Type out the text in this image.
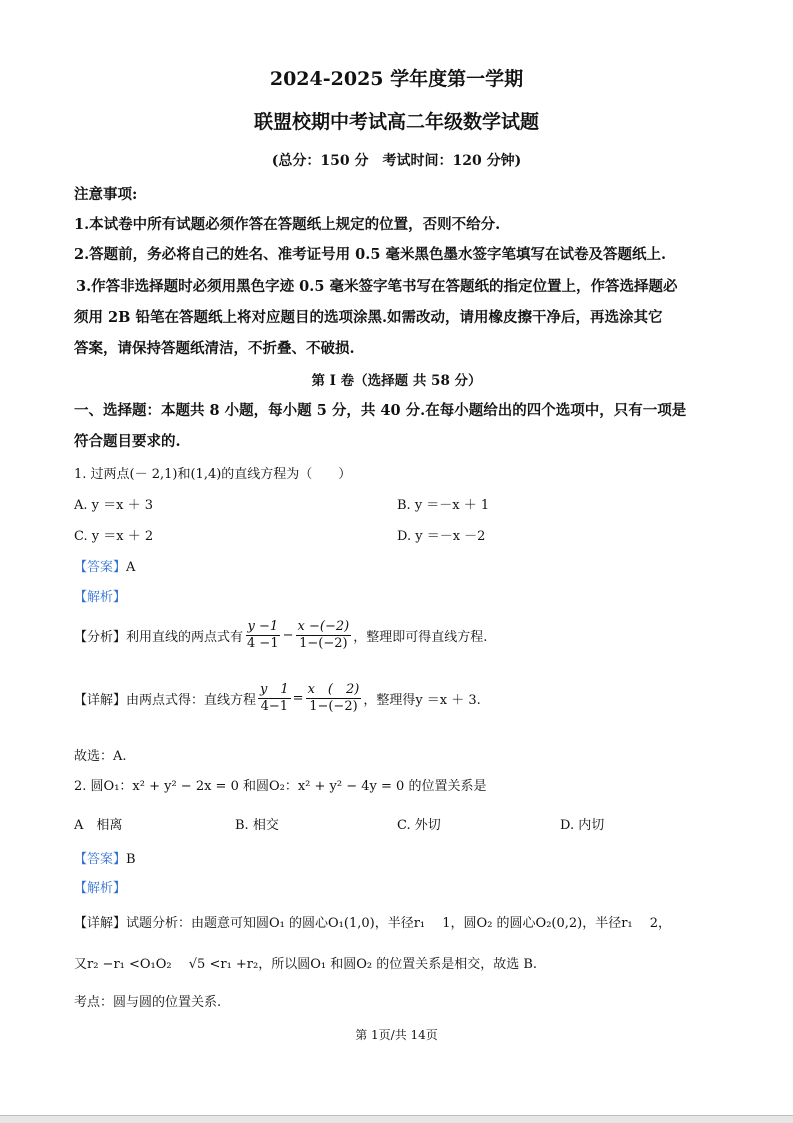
2024-2025 学年度第一学期
联盟校期中考试高二年级数学试题
(总分：150 分　考试时间：120 分钟)
注意事项:
1.本试卷中所有试题必须作答在答题纸上规定的位置，否则不给分.
2.答题前，务必将自己的姓名、准考证号用 0.5 毫米黑色墨水签字笔填写在试卷及答题纸上.
3.作答非选择题时必须用黑色字迹 0.5 毫米签字笔书写在答题纸的指定位置上，作答选择题必
须用 2B 铅笔在答题纸上将对应题目的选项涂黑.如需改动，请用橡皮擦干净后，再选涂其它
答案，请保持答题纸清洁，不折叠、不破损.
第 I 卷（选择题 共 58 分）
一、选择题：本题共 8 小题，每小题 5 分，共 40 分.在每小题给出的四个选项中，只有一项是
符合题目要求的.
1. 过两点(－ 2,1)和(1,4)的直线方程为（　　）
A. y ＝x ＋ 3	B. y ＝－x ＋ 1
C. y ＝x ＋ 2	D. y ＝－x －2
【答案】A
【解析】
【分析】 利用直线的两点式有 $\frac{y -1}{4 -1} - \frac{x -(-2)}{1-(-2)}$ ，整理即可得直线方程.
【详解】 由两点式得：直线方程 $\frac{y 1}{4-1} = \frac{x ( 2)}{1-(-2)}$ ，整理得y ＝x ＋ 3.
故选：A.
2. 圆O₁：x² + y² − 2x = 0 和圆O₂：x² + y² − 4y = 0 的位置关系是
A　相离	B. 相交	C. 外切	D. 内切
【答案】B
【解析】
【详解】试题分析：由题意可知圆O₁ 的圆心O₁(1,0)，半径r₁ 　1，圆O₂ 的圆心O₂(0,2)，半径r₁ 　2，
又r₂ −r₁ <O₁O₂ 　√5 <r₁ +r₂，所以圆O₁ 和圆O₂ 的位置关系是相交，故选 B.
考点：圆与圆的位置关系.
第 1页/共 14页
